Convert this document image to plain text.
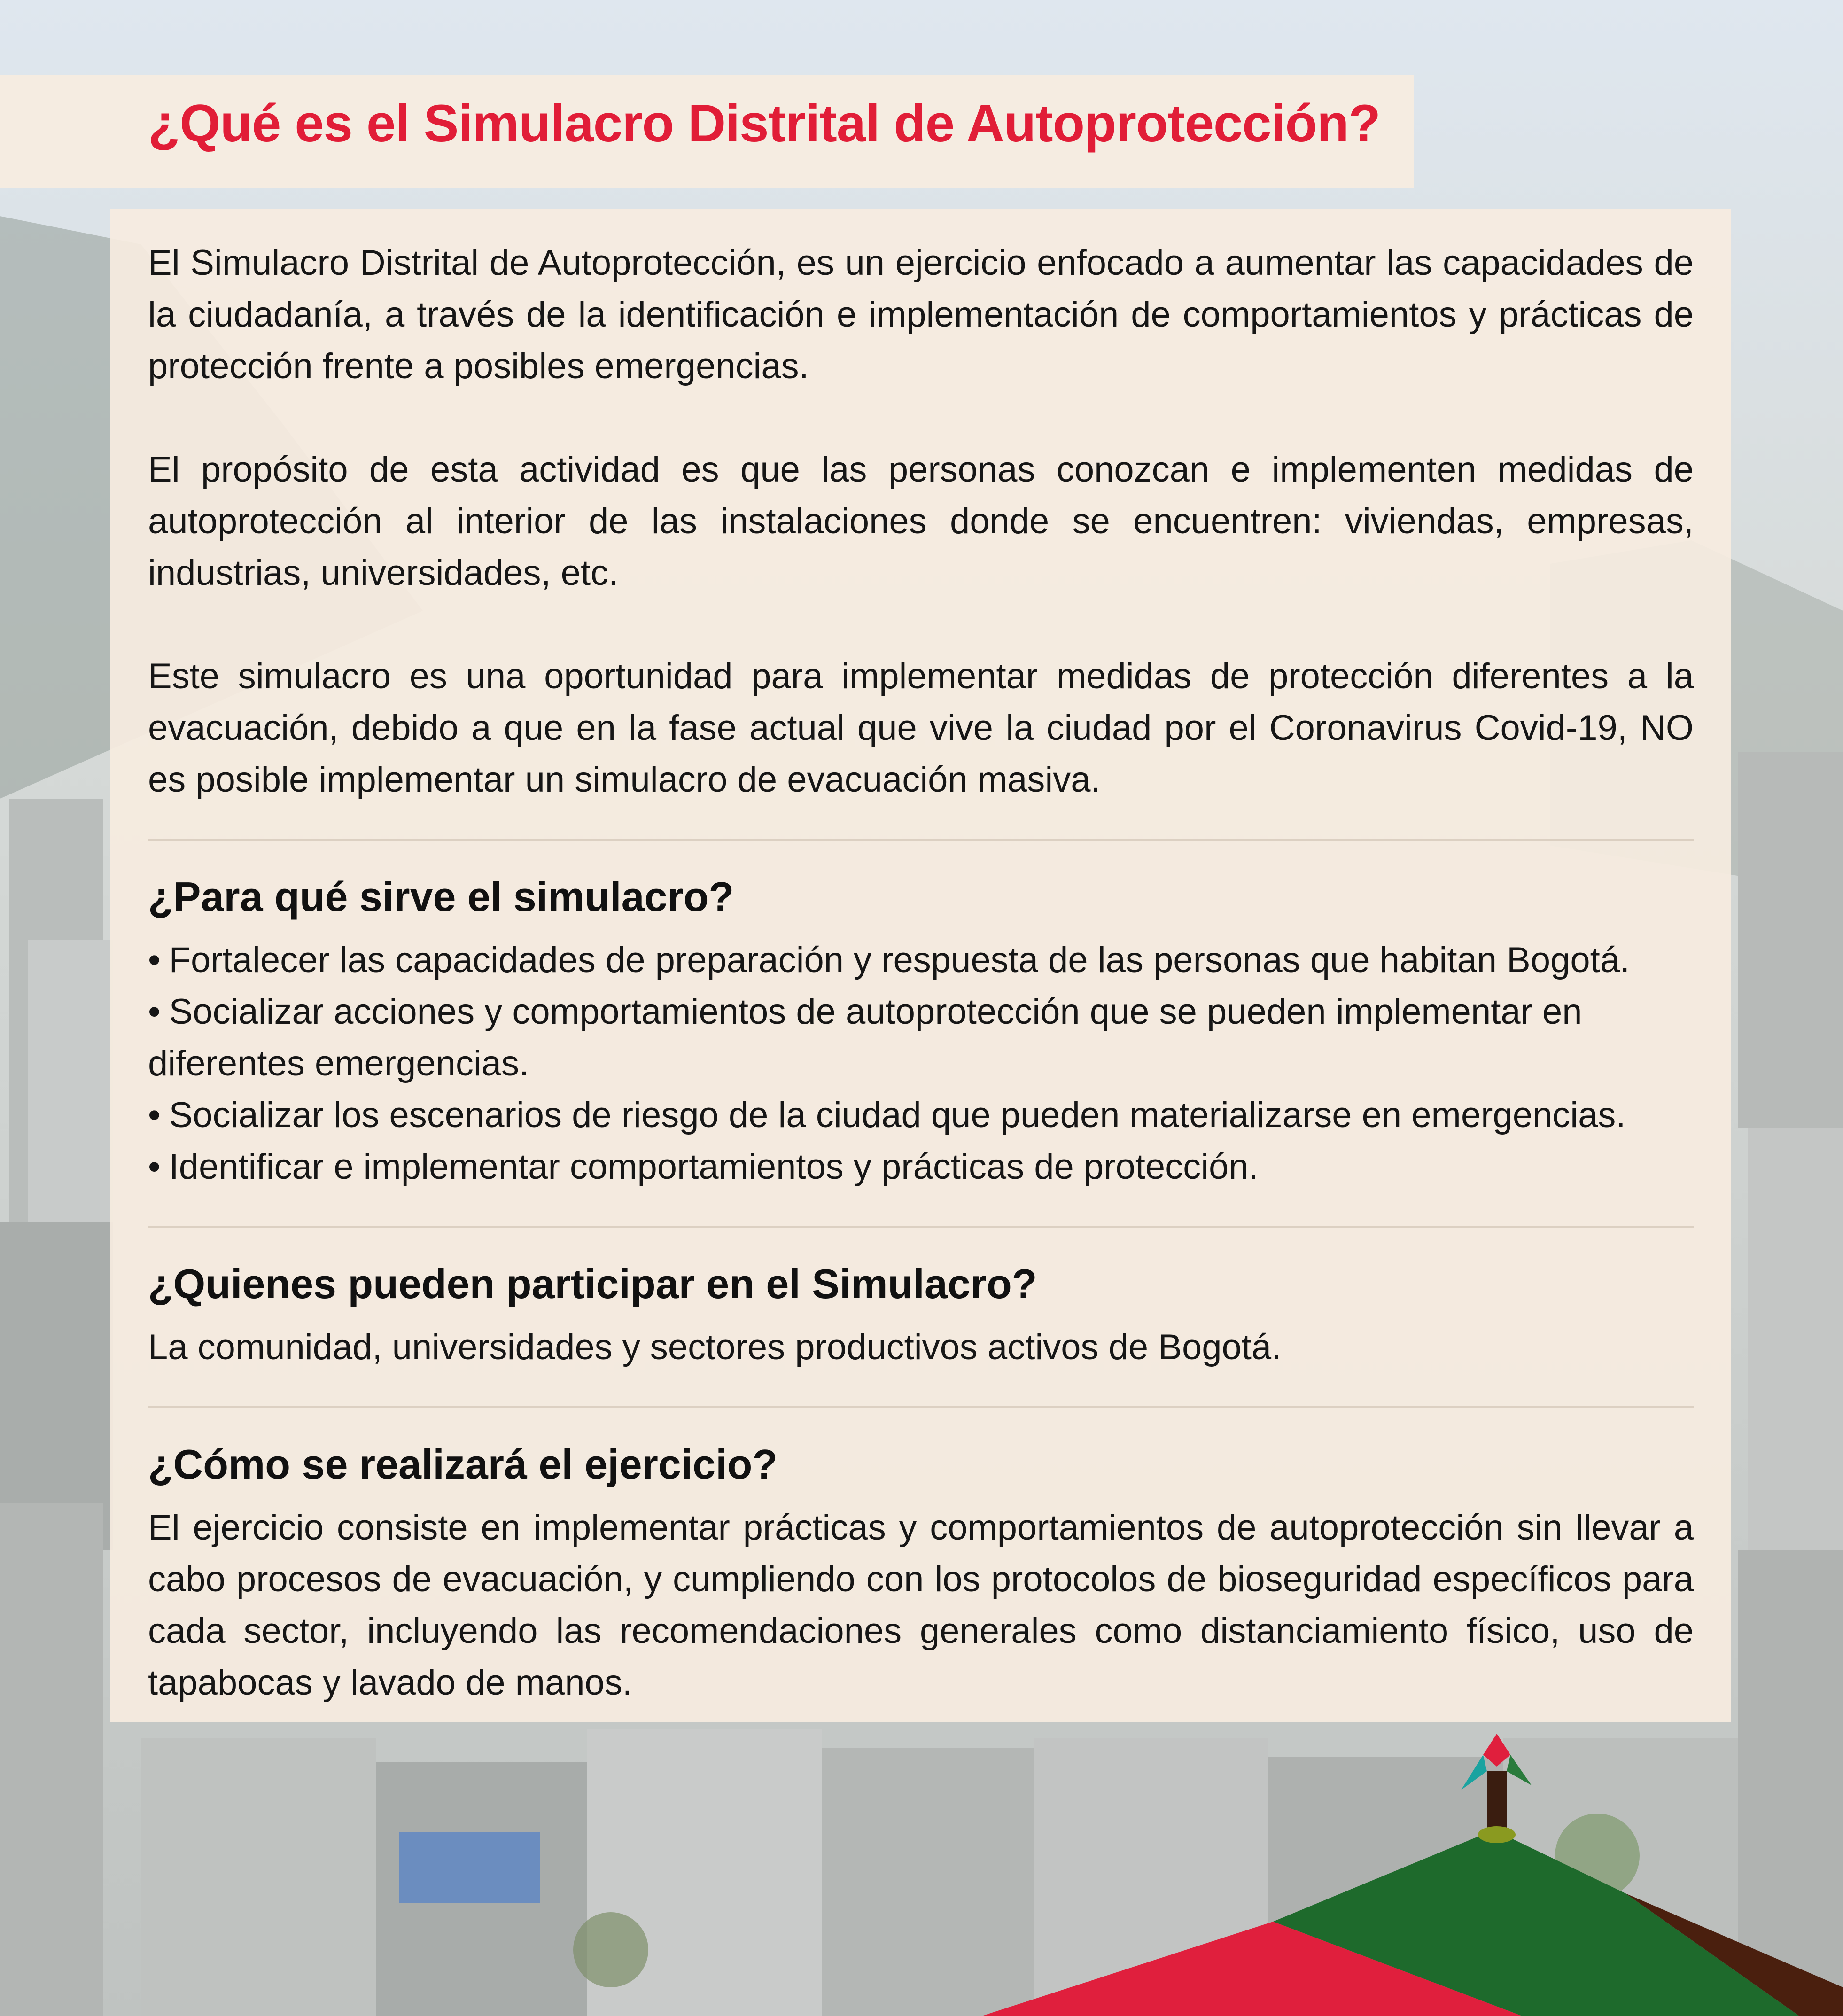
¿Qué es el Simulacro Distrital de Autoprotección?

El Simulacro Distrital de Autoprotección, es un ejercicio enfocado a aumentar las capacidades de la ciudadanía, a través de la identificación e implementación de comportamientos y prácticas de protección frente a posibles emergencias.

El propósito de esta actividad es que las personas conozcan e implementen medidas de autoprotección al interior de las instalaciones donde se encuentren: viviendas, empresas, industrias, universidades, etc.

Este simulacro es una oportunidad para implementar medidas de protección diferentes a la evacuación, debido a que en la fase actual que vive la ciudad por el Coronavirus Covid-19, NO es posible implementar un simulacro de evacuación masiva.

¿Para qué sirve el simulacro?
• Fortalecer las capacidades de preparación y respuesta de las personas que habitan Bogotá.
• Socializar acciones y comportamientos de autoprotección que se pueden implementar en diferentes emergencias.
• Socializar los escenarios de riesgo de la ciudad que pueden materializarse en emergencias.
• Identificar e implementar comportamientos y prácticas de protección.
¿Quienes pueden participar en el Simulacro?

La comunidad, universidades y sectores productivos activos de Bogotá.

¿Cómo se realizará el ejercicio?

El ejercicio consiste en implementar prácticas y comportamientos de autoprotección sin llevar a cabo procesos de evacuación, y cumpliendo con los protocolos de bioseguridad específicos para cada sector, incluyendo las recomendaciones generales como distanciamiento físico, uso de tapabocas y lavado de manos.
